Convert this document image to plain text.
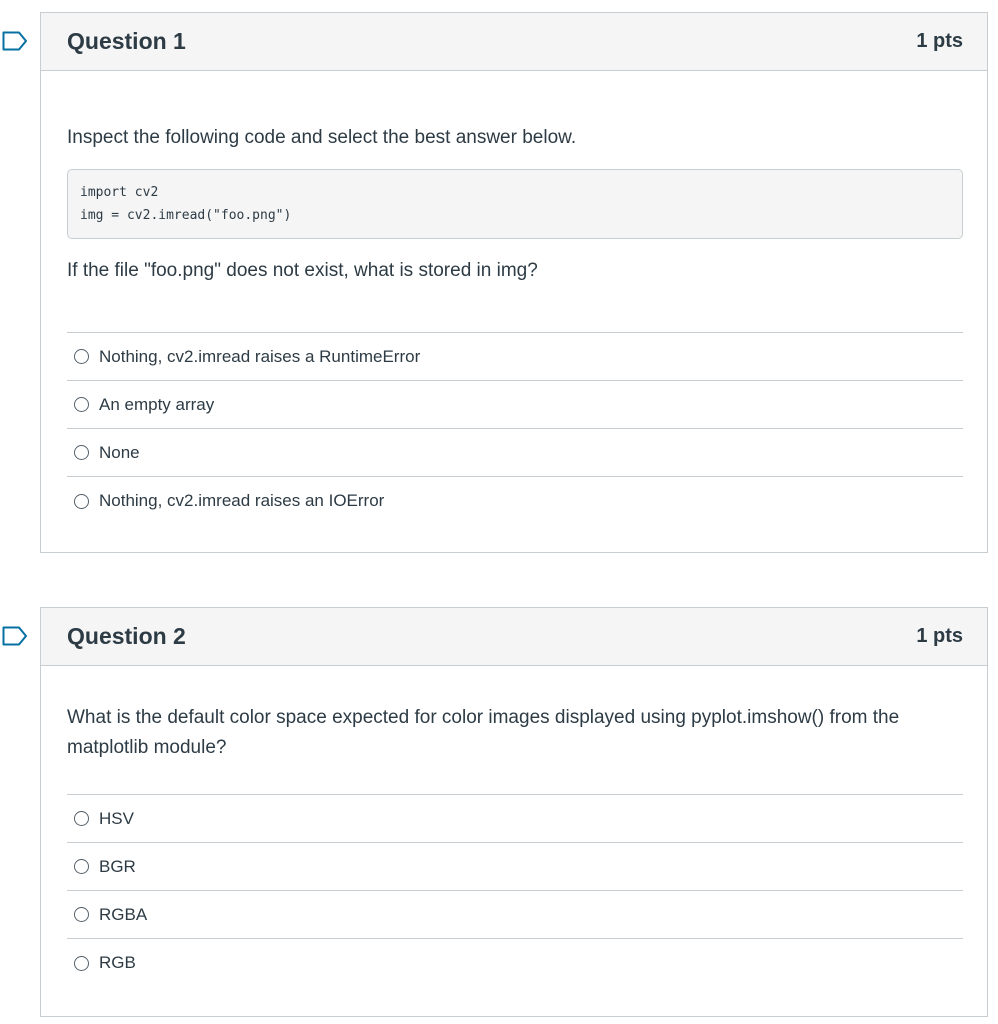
Question 1	1 pts
Inspect the following code and select the best answer below.
import cv2
img = cv2.imread("foo.png")
If the file "foo.png" does not exist, what is stored in img?
Nothing, cv2.imread raises a RuntimeError
An empty array
None
Nothing, cv2.imread raises an IOError
Question 2	1 pts
What is the default color space expected for color images displayed using pyplot.imshow() from the
matplotlib module?
HSV
BGR
RGBA
RGB
